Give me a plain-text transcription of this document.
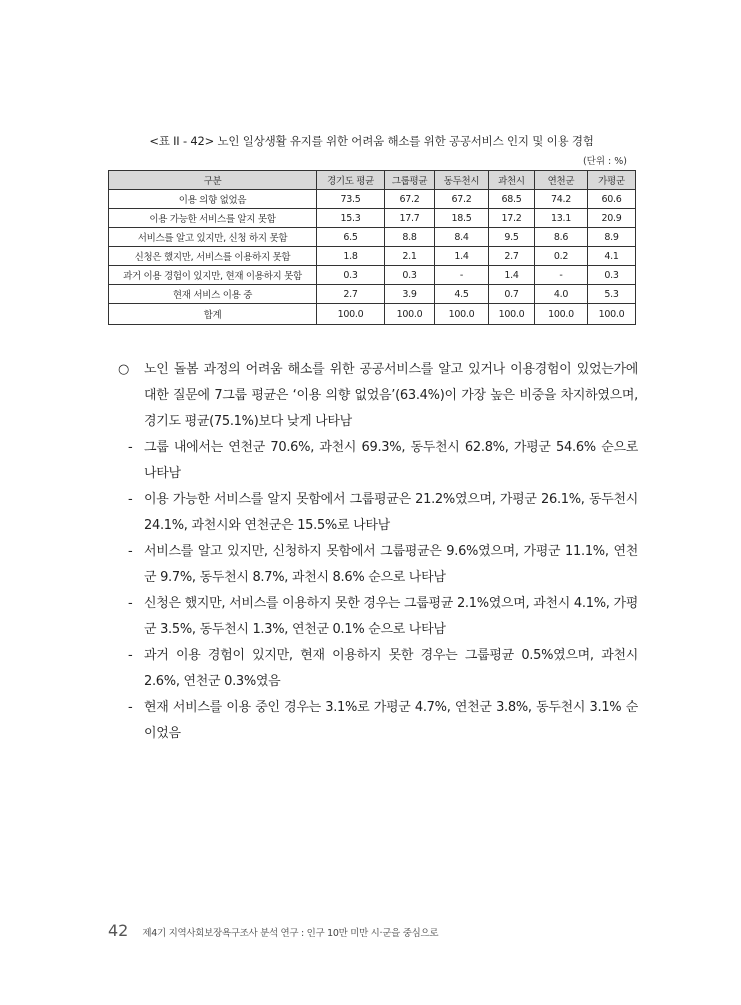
<표 II - 42> 노인 일상생활 유지를 위한 어려움 해소를 위한 공공서비스 인지 및 이용 경험
(단위 : %)
구분	경기도 평균	그룹평균	동두천시	과천시	연천군	가평군
이용 의향 없었음	73.5	67.2	67.2	68.5	74.2	60.6
이용 가능한 서비스를 알지 못함	15.3	17.7	18.5	17.2	13.1	20.9
서비스를 알고 있지만, 신청 하지 못함	6.5	8.8	8.4	9.5	8.6	8.9
신청은 했지만, 서비스를 이용하지 못함	1.8	2.1	1.4	2.7	0.2	4.1
과거 이용 경험이 있지만, 현재 이용하지 못함	0.3	0.3	-	1.4	-	0.3
현재 서비스 이용 중	2.7	3.9	4.5	0.7	4.0	5.3
합계	100.0	100.0	100.0	100.0	100.0	100.0
○	노인 돌봄 과정의 어려움 해소를 위한 공공서비스를 알고 있거나 이용경험이 있었는가에 대한 질문에 7그룹 평균은 ‘이용 의향 없었음’(63.4%)이 가장 높은 비중을 차지하였으며, 경기도 평균(75.1%)보다 낮게 나타남
- 그룹 내에서는 연천군 70.6%, 과천시 69.3%, 동두천시 62.8%, 가평군 54.6% 순으로 나타남
- 이용 가능한 서비스를 알지 못함에서 그룹평균은 21.2%였으며, 가평군 26.1%, 동두천시 24.1%, 과천시와 연천군은 15.5%로 나타남
- 서비스를 알고 있지만, 신청하지 못함에서 그룹평균은 9.6%였으며, 가평군 11.1%, 연천군 9.7%, 동두천시 8.7%, 과천시 8.6% 순으로 나타남
- 신청은 했지만, 서비스를 이용하지 못한 경우는 그룹평균 2.1%였으며, 과천시 4.1%, 가평군 3.5%, 동두천시 1.3%, 연천군 0.1% 순으로 나타남
- 과거 이용 경험이 있지만, 현재 이용하지 못한 경우는 그룹평균 0.5%였으며, 과천시 2.6%, 연천군 0.3%였음
- 현재 서비스를 이용 중인 경우는 3.1%로 가평군 4.7%, 연천군 3.8%, 동두천시 3.1% 순이었음
42 제4기 지역사회보장욕구조사 분석 연구 : 인구 10만 미만 시·군을 중심으로
